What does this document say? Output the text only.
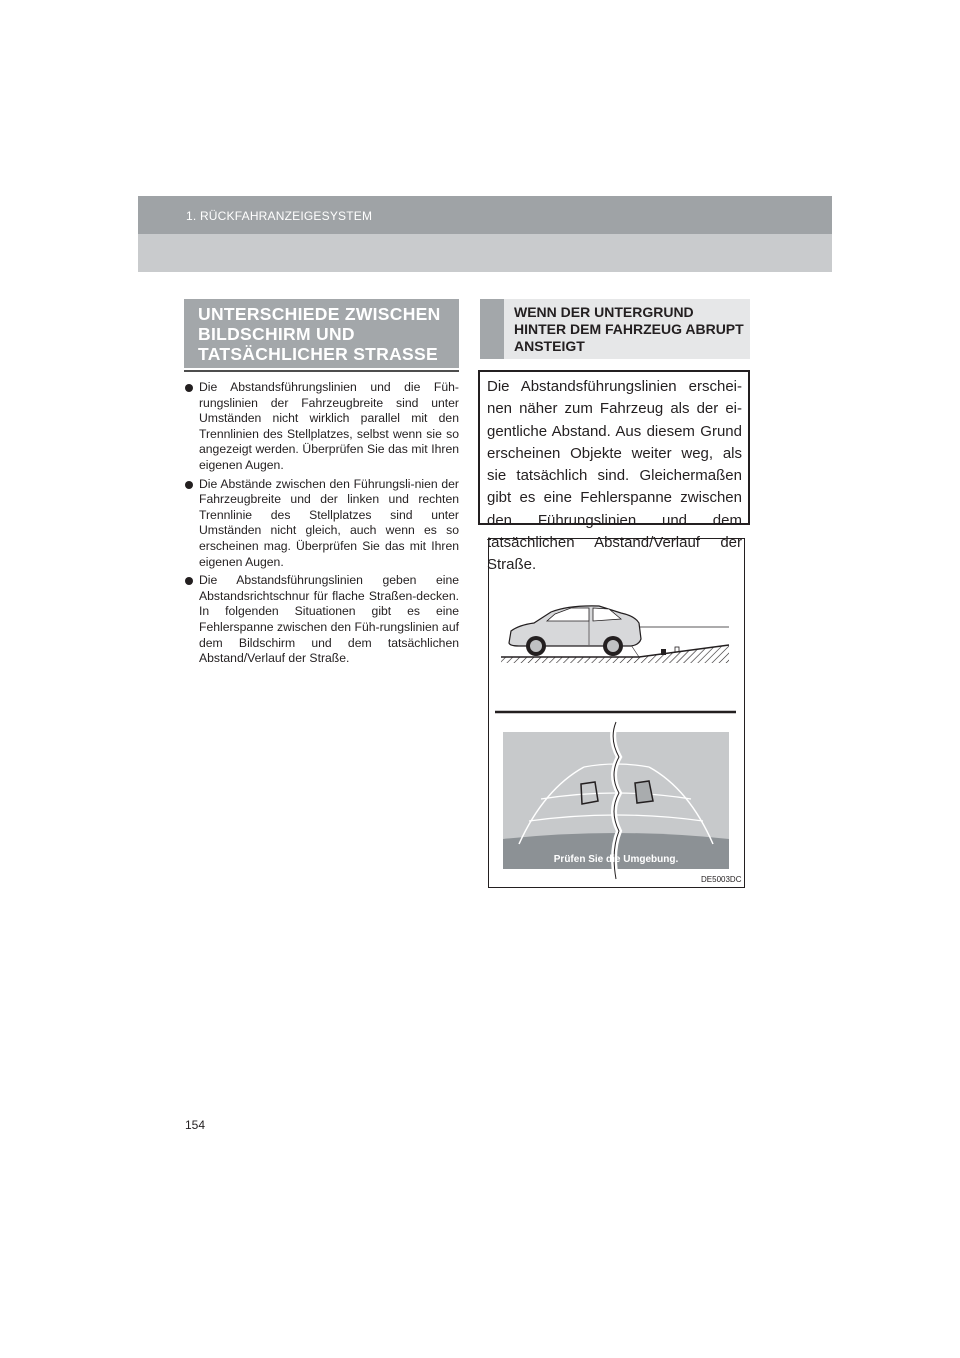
1. RÜCKFAHRANZEIGESYSTEM
UNTERSCHIEDE ZWISCHEN BILDSCHIRM UND TATSÄCHLICHER STRASSE
Die Abstandsführungslinien und die Füh-rungslinien der Fahrzeugbreite sind unter Umständen nicht wirklich parallel mit den Trennlinien des Stellplatzes, selbst wenn sie so angezeigt werden. Überprüfen Sie das mit Ihren eigenen Augen.
Die Abstände zwischen den Führungsli-nien der Fahrzeugbreite und der linken und rechten Trennlinie des Stellplatzes sind unter Umständen nicht gleich, auch wenn es so erscheinen mag. Überprüfen Sie das mit Ihren eigenen Augen.
Die Abstandsführungslinien geben eine Abstandsrichtschnur für flache Straßen-decken. In folgenden Situationen gibt es eine Fehlerspanne zwischen den Füh-rungslinien auf dem Bildschirm und dem tatsächlichen Abstand/Verlauf der Straße.
WENN DER UNTERGRUND HINTER DEM FAHRZEUG ABRUPT ANSTEIGT
Die Abstandsführungslinien erschei-nen näher zum Fahrzeug als der ei-gentliche Abstand. Aus diesem Grund erscheinen Objekte weiter weg, als sie tatsächlich sind. Gleichermaßen gibt es eine Fehlerspanne zwischen den Führungslinien und dem tatsächlichen Abstand/Verlauf der Straße.
Prüfen Sie die Umgebung.
DE5003DC
154
